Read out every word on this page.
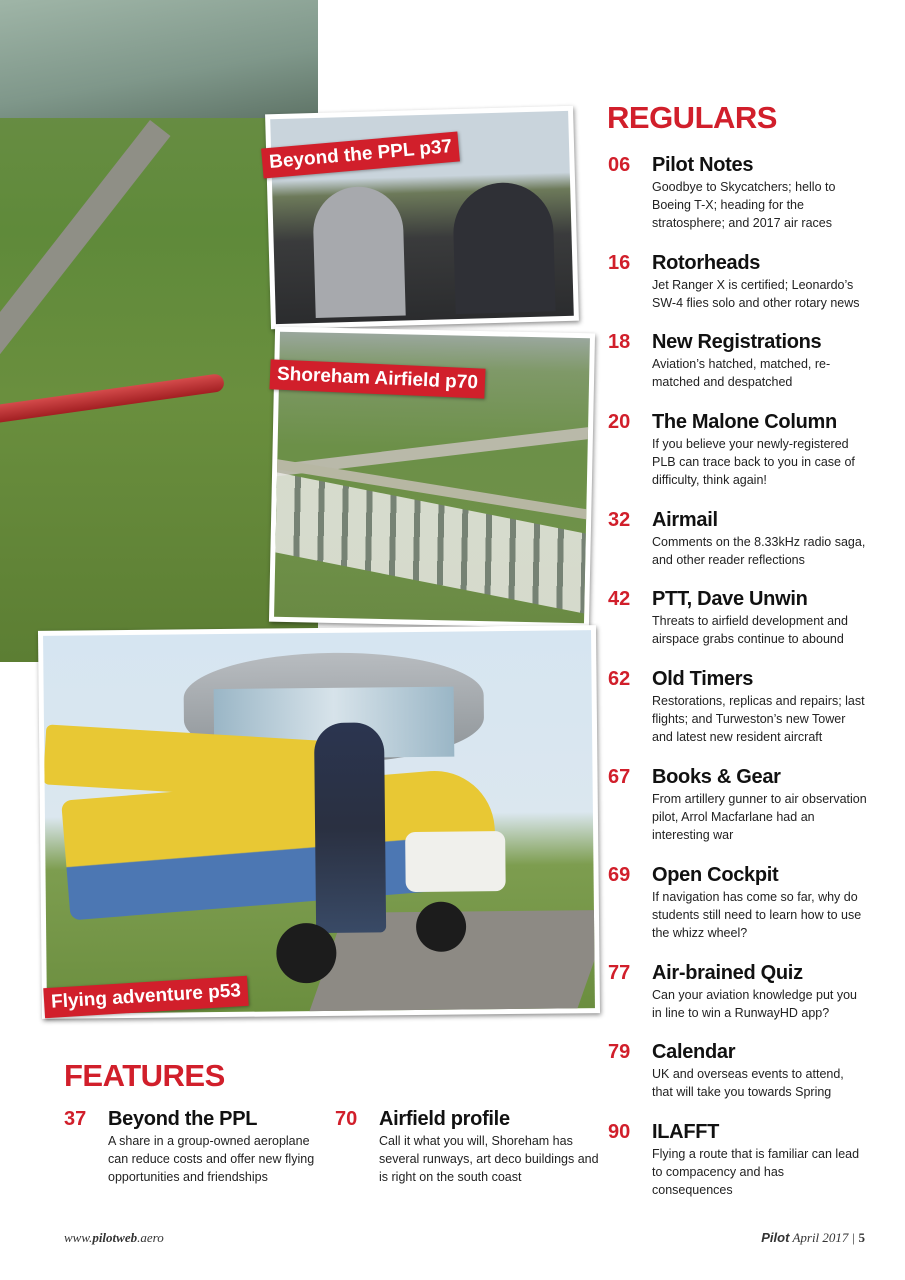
Beyond the PPL p37
Shoreham Airfield p70
Flying adventure p53
REGULARS
06 Pilot Notes
Goodbye to Skycatchers; hello to Boeing T-X; heading for the stratosphere; and 2017 air races
16 Rotorheads
Jet Ranger X is certified; Leonardo’s SW-4 flies solo and other rotary news
18 New Registrations
Aviation’s hatched, matched, re-matched and despatched
20 The Malone Column
If you believe your newly-registered PLB can trace back to you in case of difficulty, think again!
32 Airmail
Comments on the 8.33kHz radio saga, and other reader reflections
42 PTT, Dave Unwin
Threats to airfield development and airspace grabs continue to abound
62 Old Timers
Restorations, replicas and repairs; last flights; and Turweston’s new Tower and latest new resident aircraft
67 Books & Gear
From artillery gunner to air observation pilot, Arrol Macfarlane had an interesting war
69 Open Cockpit
If navigation has come so far, why do students still need to learn how to use the whizz wheel?
77 Air-brained Quiz
Can your aviation knowledge put you in line to win a RunwayHD app?
79 Calendar
UK and overseas events to attend, that will take you towards Spring
90 ILAFFT
Flying a route that is familiar can lead to compacency and has consequences
FEATURES
37 Beyond the PPL
A share in a group-owned aeroplane can reduce costs and offer new flying opportunities and friendships
70 Airfield profile
Call it what you will, Shoreham has several runways, art deco buildings and is right on the south coast
www.pilotweb.aero	Pilot April 2017 | 5
